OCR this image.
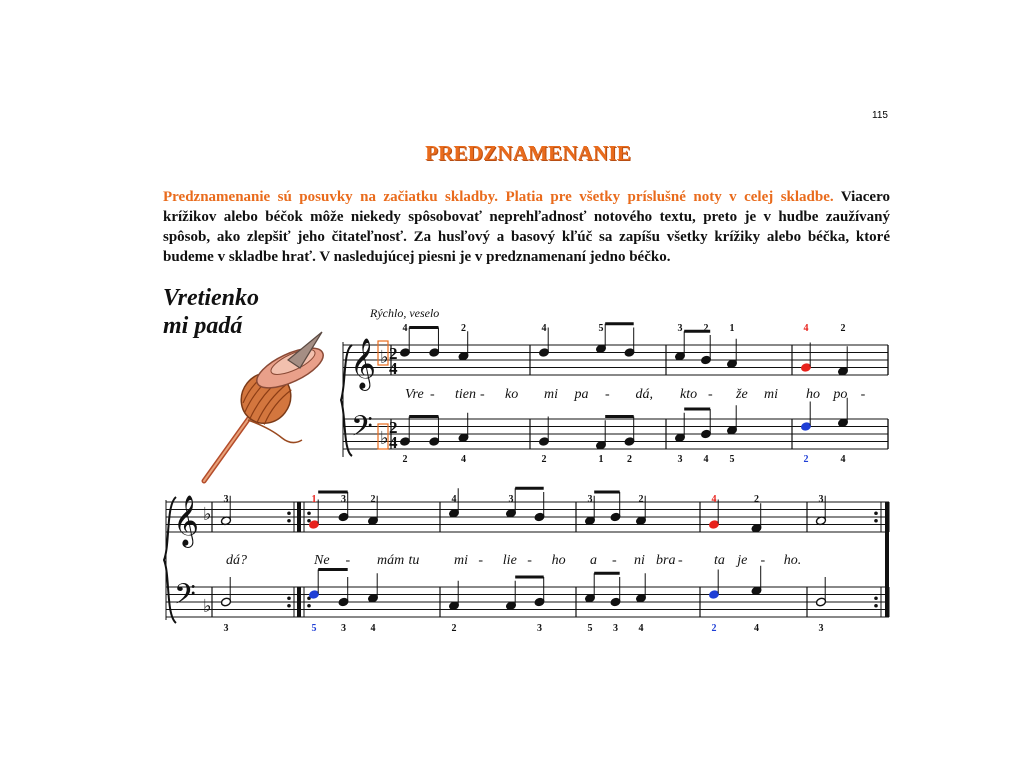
115
PREDZNAMENANIE

Predznamenanie sú posuvky na začiatku skladby. Platia pre všetky príslušné noty v celej skladbe. Viacero krížikov alebo béčok môže niekedy spôsobovať neprehľadnosť notového textu, preto je v hudbe zaužívaný spôsob, ako zlepšiť jeho čitateľnosť. Za husľový a basový kľúč sa zapíšu všetky krížiky alebo béčka, ktoré budeme v skladbe hrať. V nasledujúcej piesni je v predznamenaní jedno béčko.

Vretienko
mi padá	Rýchlo, veselo
𝄞
𝄢
♭
♭
2
4
2
4
4	2
2	4
4	5
2	1 2
3 2 1
3 4 5
4	2
2	4
Vre - tien - ko mi pa - dá, kto - že mi ho po -
𝄞
𝄢
♭
♭
3
3
1 3 2
5 3 4
4	3
2	3
3	2
5 3 4
4	2
2	4
3
3
dá?	Ne - mám tu mi - lie - ho a - ni bra - ta je - ho.
